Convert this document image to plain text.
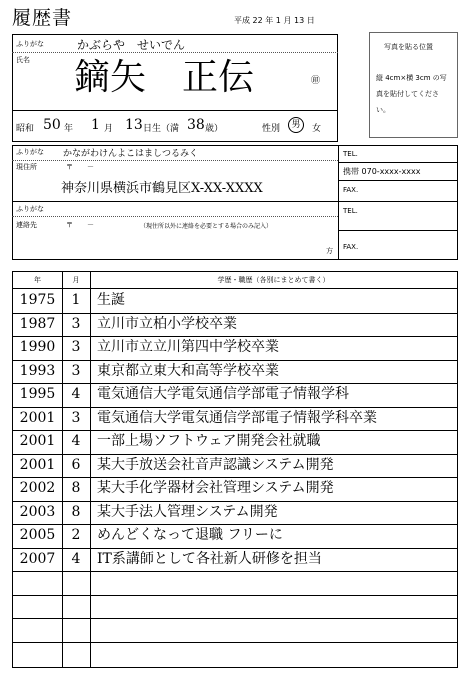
履歴書	平成 22 年 1 月 13 日
写真を貼る位置
縦 4cm×横 3cm の写
真を貼付してくださ
い。
ふりがな	かぶらや　せいでん
氏名 鏑矢　正伝	㊞
昭和 50 年 1 月 13 日生 （満 38 歳）	性別	男	女
ふりがな かながわけんよこはましつるみく
現住所	〒　　－
神奈川県横浜市鶴見区X-XX-XXXX
TEL.
携帯 070-xxxx-xxxx
FAX.
ふりがな
連絡先	〒　　－	（現住所以外に連絡を必要とする場合のみ記入）
方
TEL.
FAX.
年	月	学歴・職歴（各別にまとめて書く）
1975	1	生誕
1987	3	立川市立柏小学校卒業
1990	3	立川市立立川第四中学校卒業
1993	3	東京都立東大和高等学校卒業
1995	4	電気通信大学電気通信学部電子情報学科
2001	3	電気通信大学電気通信学部電子情報学科卒業
2001	4	一部上場ソフトウェア開発会社就職
2001	6	某大手放送会社音声認識システム開発
2002	8	某大手化学器材会社管理システム開発
2003	8	某大手法人管理システム開発
2005	2	めんどくなって退職 フリーに
2007	4	IT系講師として各社新人研修を担当
